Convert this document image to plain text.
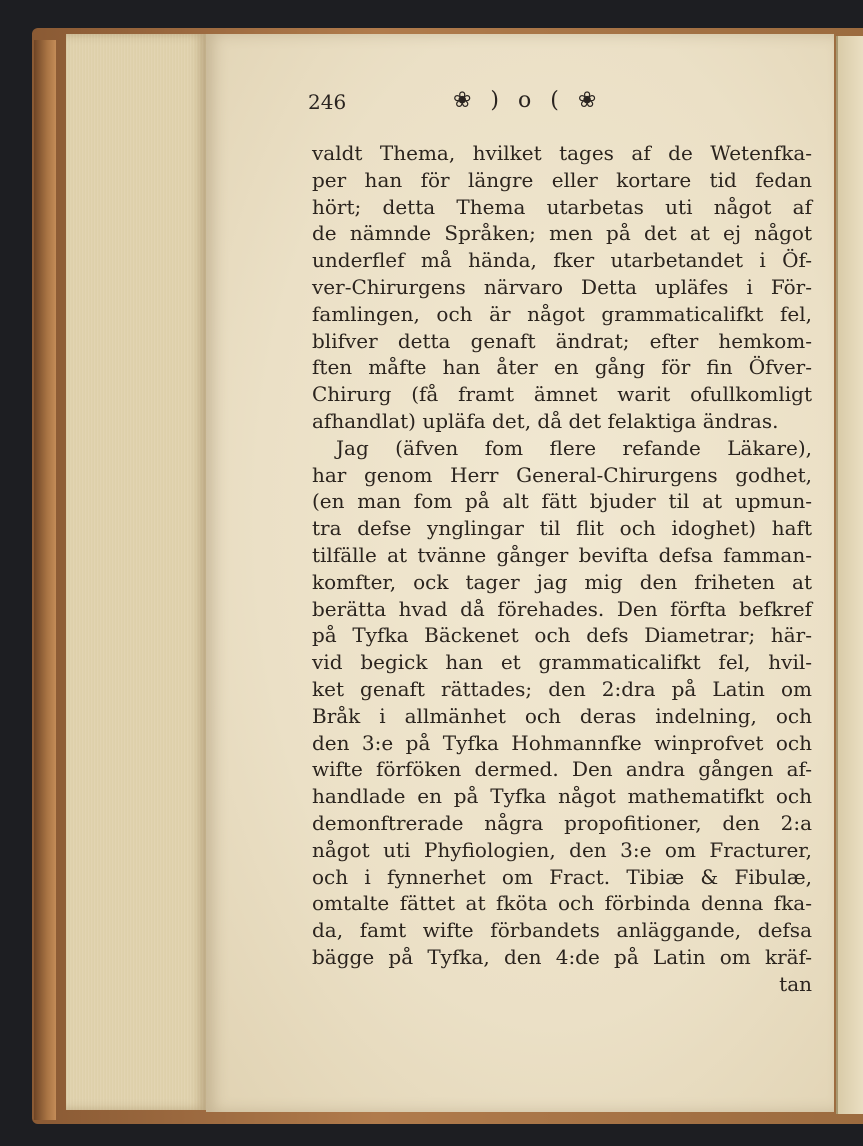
246	❀ ) o ( ❀
valdt Thema, hvilket tages af de Wetenfka-
per han för längre eller kortare tid fedan
hört; detta Thema utarbetas uti något af
de nämnde Språken; men på det at ej något
underflef må hända, fker utarbetandet i Öf-
ver-Chirurgens närvaro Detta upläfes i För-
famlingen, och är något grammaticalifkt fel,
blifver detta genaft ändrat; efter hemkom-
ften måfte han åter en gång för fin Öfver-
Chirurg (få framt ämnet warit ofullkomligt
afhandlat) upläfa det, då det felaktiga ändras.
Jag (äfven fom flere refande Läkare),
har genom Herr General-Chirurgens godhet,
(en man fom på alt fätt bjuder til at upmun-
tra defse ynglingar til flit och idoghet) haft
tilfälle at tvänne gånger bevifta defsa famman-
komfter, ock tager jag mig den friheten at
berätta hvad då förehades. Den förfta befkref
på Tyfka Bäckenet och defs Diametrar; här-
vid begick han et grammaticalifkt fel, hvil-
ket genaft rättades; den 2:dra på Latin om
Bråk i allmänhet och deras indelning, och
den 3:e på Tyfka Hohmannfke winprofvet och
wifte förföken dermed. Den andra gången af-
handlade en på Tyfka något mathematifkt och
demonftrerade några propofitioner, den 2:a
något uti Phyfiologien, den 3:e om Fracturer,
och i fynnerhet om Fract. Tibiæ & Fibulæ,
omtalte fättet at fköta och förbinda denna fka-
da, famt wifte förbandets anläggande, defsa
bägge på Tyfka, den 4:de på Latin om kräf-
tan
